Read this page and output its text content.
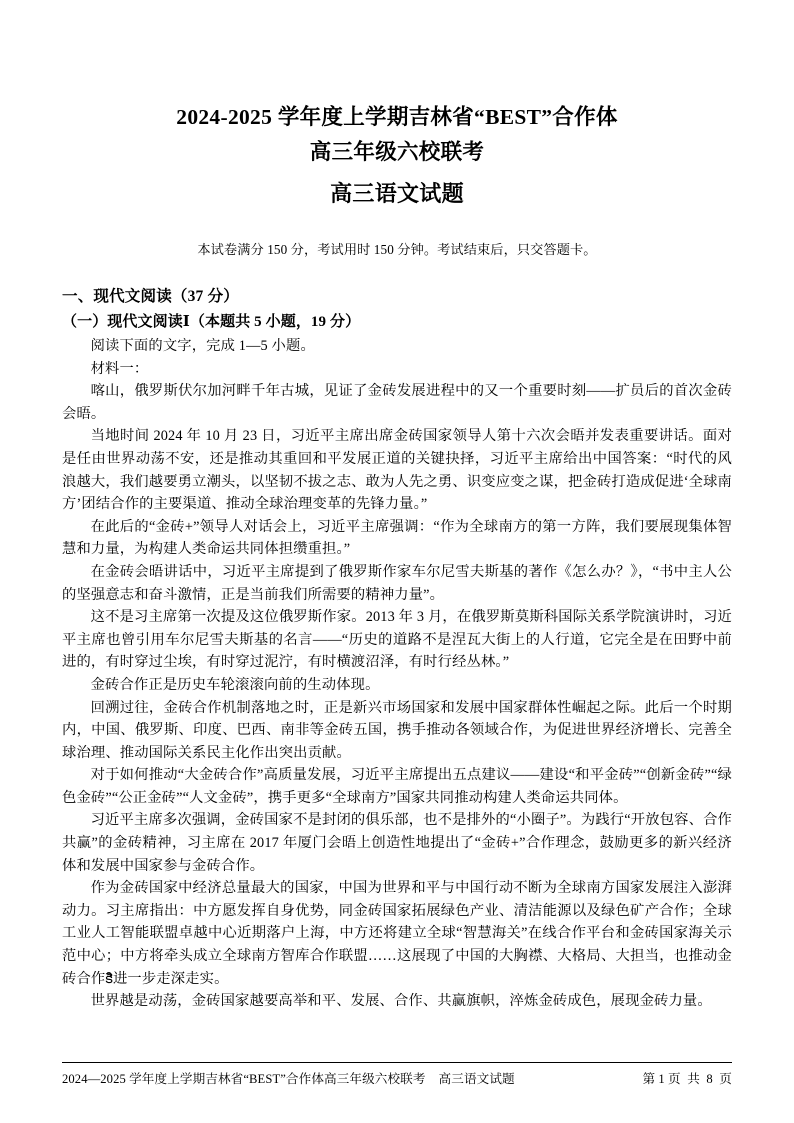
2024-2025 学年度上学期吉林省“BEST”合作体
高三年级六校联考
高三语文试题
本试卷满分 150 分，考试用时 150 分钟。考试结束后，只交答题卡。
一、现代文阅读（37 分）
（一）现代文阅读Ⅰ（本题共 5 小题，19 分）
阅读下面的文字，完成 1—5 小题。
材料一：
喀山，俄罗斯伏尔加河畔千年古城，见证了金砖发展进程中的又一个重要时刻——扩员后的首次金砖会晤。
当地时间 2024 年 10 月 23 日，习近平主席出席金砖国家领导人第十六次会晤并发表重要讲话。面对是任由世界动荡不安，还是推动其重回和平发展正道的关键抉择，习近平主席给出中国答案：“时代的风浪越大，我们越要勇立潮头，以坚韧不拔之志、敢为人先之勇、识变应变之谋，把金砖打造成促进‘全球南方’团结合作的主要渠道、推动全球治理变革的先锋力量。”
在此后的“金砖+”领导人对话会上，习近平主席强调：“作为全球南方的第一方阵，我们要展现集体智慧和力量，为构建人类命运共同体担缵重担。”
在金砖会晤讲话中，习近平主席提到了俄罗斯作家车尔尼雪夫斯基的著作《怎么办？》，“书中主人公的坚强意志和奋斗激情，正是当前我们所需要的精神力量”。
这不是习主席第一次提及这位俄罗斯作家。2013 年 3 月，在俄罗斯莫斯科国际关系学院演讲时，习近平主席也曾引用车尔尼雪夫斯基的名言——“历史的道路不是涅瓦大街上的人行道，它完全是在田野中前进的，有时穿过尘埃，有时穿过泥泞，有时横渡沼泽，有时行经丛林。”
金砖合作正是历史车轮滚滚向前的生动体现。
回溯过往，金砖合作机制落地之时，正是新兴市场国家和发展中国家群体性崛起之际。此后一个时期内，中国、俄罗斯、印度、巴西、南非等金砖五国，携手推动各领域合作，为促进世界经济增长、完善全球治理、推动国际关系民主化作出突出贡献。
对于如何推动“大金砖合作”高质量发展，习近平主席提出五点建议——建设“和平金砖”“创新金砖”“绿色金砖”“公正金砖”“人文金砖”，携手更多“全球南方”国家共同推动构建人类命运共同体。
习近平主席多次强调，金砖国家不是封闭的俱乐部，也不是排外的“小圈子”。为践行“开放包容、合作共赢”的金砖精神，习主席在 2017 年厦门会晤上创造性地提出了“金砖+”合作理念，鼓励更多的新兴经济体和发展中国家参与金砖合作。
作为金砖国家中经济总量最大的国家，中国为世界和平与中国行动不断为全球南方国家发展注入澎湃动力。习主席指出：中方愿发挥自身优势，同金砖国家拓展绿色产业、清洁能源以及绿色矿产合作；全球工业人工智能联盟卓越中心近期落户上海，中方还将建立全球“智慧海关”在线合作平台和金砖国家海关示范中心；中方将牵头成立全球南方智库合作联盟……这展现了中国的大胸襟、大格局、大担当，也推动金砖合作కెి进一步走深走实。
世界越是动荡，金砖国家越要高举和平、发展、合作、共赢旗帜，淬炼金砖成色，展现金砖力量。
2024—2025 学年度上学期吉林省“BEST”合作体高三年级六校联考    高三语文试题	第 1 页  共  8  页
